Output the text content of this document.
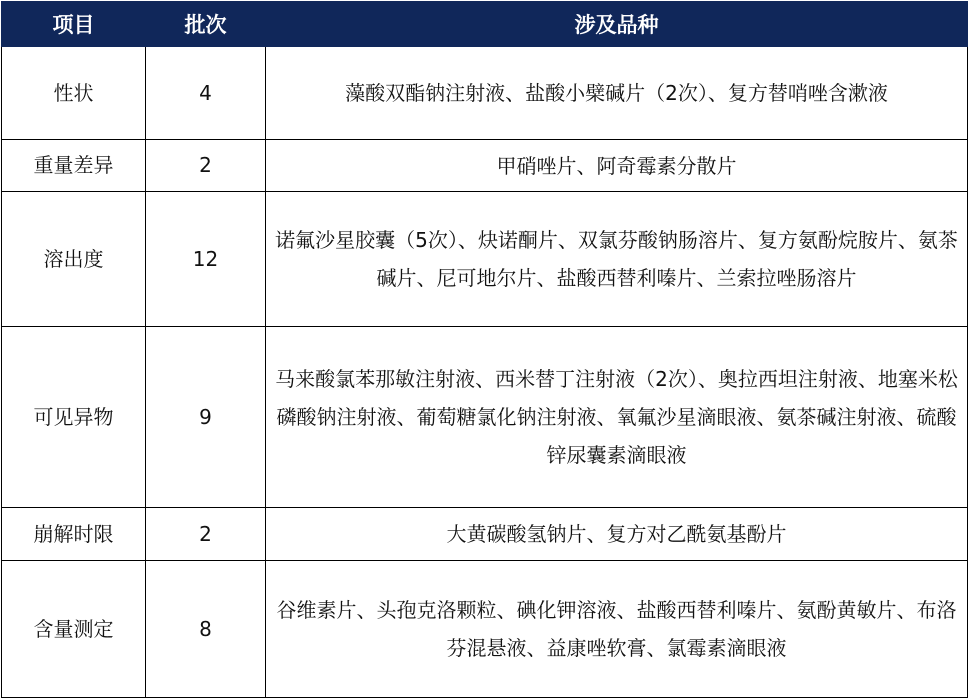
项目	批次	涉及品种
性状	4	藻酸双酯钠注射液、盐酸小檗碱片（2次）、复方替哨唑含漱液
重量差异	2	甲硝唑片、阿奇霉素分散片
溶出度	12	诺氟沙星胶囊（5次）、炔诺酮片、双氯芬酸钠肠溶片、复方氨酚烷胺片、氨茶碱片、尼可地尔片、盐酸西替利嗪片、兰索拉唑肠溶片
可见异物	9	马来酸氯苯那敏注射液、西米替丁注射液（2次）、奥拉西坦注射液、地塞米松磷酸钠注射液、葡萄糖氯化钠注射液、氧氟沙星滴眼液、氨茶碱注射液、硫酸锌尿囊素滴眼液
崩解时限	2	大黄碳酸氢钠片、复方对乙酰氨基酚片
含量测定	8	谷维素片、头孢克洛颗粒、碘化钾溶液、盐酸西替利嗪片、氨酚黄敏片、布洛芬混悬液、益康唑软膏、氯霉素滴眼液
